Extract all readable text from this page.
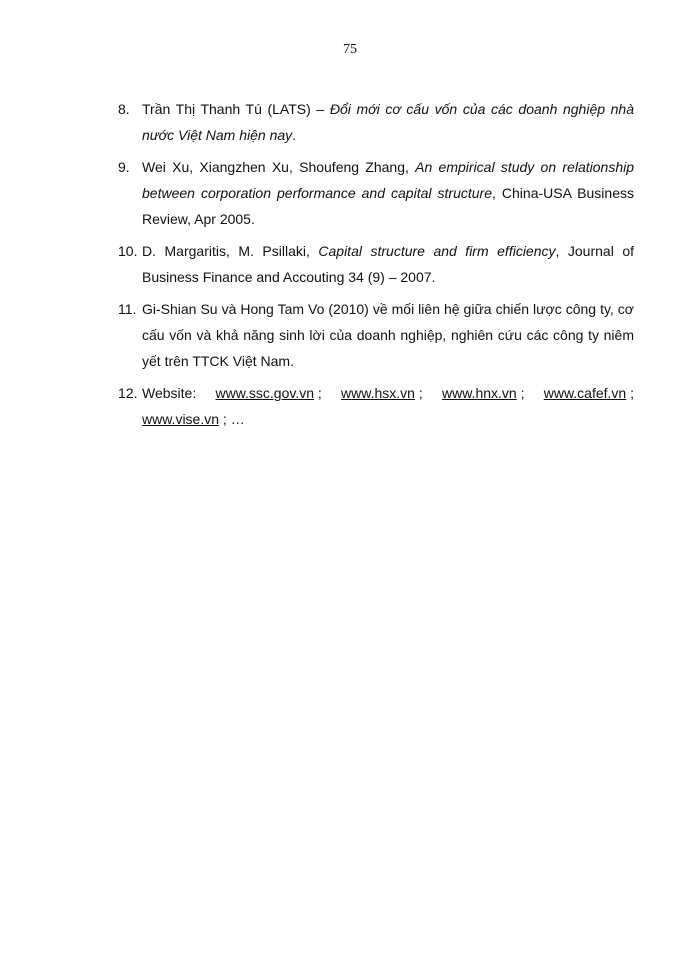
75
8. Trần Thị Thanh Tú (LATS) – Đổi mới cơ cấu vốn của các doanh nghiệp nhà nước Việt Nam hiện nay.
9. Wei Xu, Xiangzhen Xu, Shoufeng Zhang, An empirical study on relationship between corporation performance and capital structure, China-USA Business Review, Apr 2005.
10. D. Margaritis, M. Psillaki, Capital structure and firm efficiency, Journal of Business Finance and Accouting 34 (9) – 2007.
11. Gi-Shian Su và Hong Tam Vo (2010) về mối liên hệ giữa chiến lược công ty, cơ cấu vốn và khả năng sinh lời của doanh nghiệp, nghiên cứu các công ty niêm yết trên TTCK Việt Nam.
12. Website: www.ssc.gov.vn ; www.hsx.vn ; www.hnx.vn ; www.cafef.vn ;
www.vise.vn ; …
